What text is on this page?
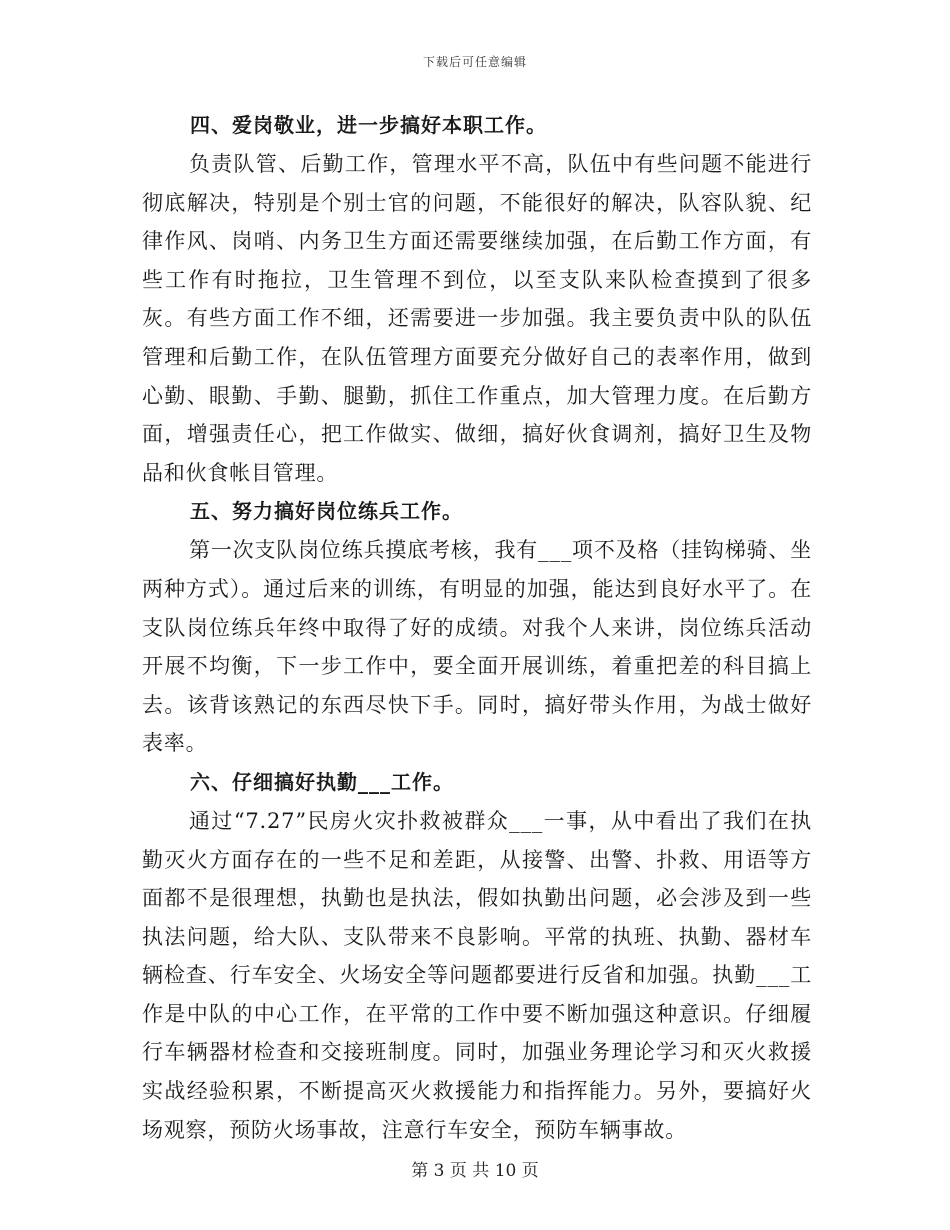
下载后可任意编辑
四、爱岗敬业，进一步搞好本职工作。

负责队管、后勤工作，管理水平不高，队伍中有些问题不能进行彻底解决，特别是个别士官的问题，不能很好的解决，队容队貌、纪律作风、岗哨、内务卫生方面还需要继续加强，在后勤工作方面，有些工作有时拖拉，卫生管理不到位，以至支队来队检查摸到了很多灰。有些方面工作不细，还需要进一步加强。我主要负责中队的队伍管理和后勤工作，在队伍管理方面要充分做好自己的表率作用，做到心勤、眼勤、手勤、腿勤，抓住工作重点，加大管理力度。在后勤方面，增强责任心，把工作做实、做细，搞好伙食调剂，搞好卫生及物品和伙食帐目管理。

五、努力搞好岗位练兵工作。

第一次支队岗位练兵摸底考核，我有___项不及格（挂钩梯骑、坐两种方式）。通过后来的训练，有明显的加强，能达到良好水平了。在支队岗位练兵年终中取得了好的成绩。对我个人来讲，岗位练兵活动开展不均衡，下一步工作中，要全面开展训练，着重把差的科目搞上去。该背该熟记的东西尽快下手。同时，搞好带头作用，为战士做好表率。

六、仔细搞好执勤___工作。

通过“7.27”民房火灾扑救被群众___一事，从中看出了我们在执勤灭火方面存在的一些不足和差距，从接警、出警、扑救、用语等方面都不是很理想，执勤也是执法，假如执勤出问题，必会涉及到一些执法问题，给大队、支队带来不良影响。平常的执班、执勤、器材车辆检查、行车安全、火场安全等问题都要进行反省和加强。执勤___工作是中队的中心工作，在平常的工作中要不断加强这种意识。仔细履行车辆器材检查和交接班制度。同时，加强业务理论学习和灭火救援实战经验积累，不断提高灭火救援能力和指挥能力。另外，要搞好火场观察，预防火场事故，注意行车安全，预防车辆事故。

第 3 页 共 10 页
